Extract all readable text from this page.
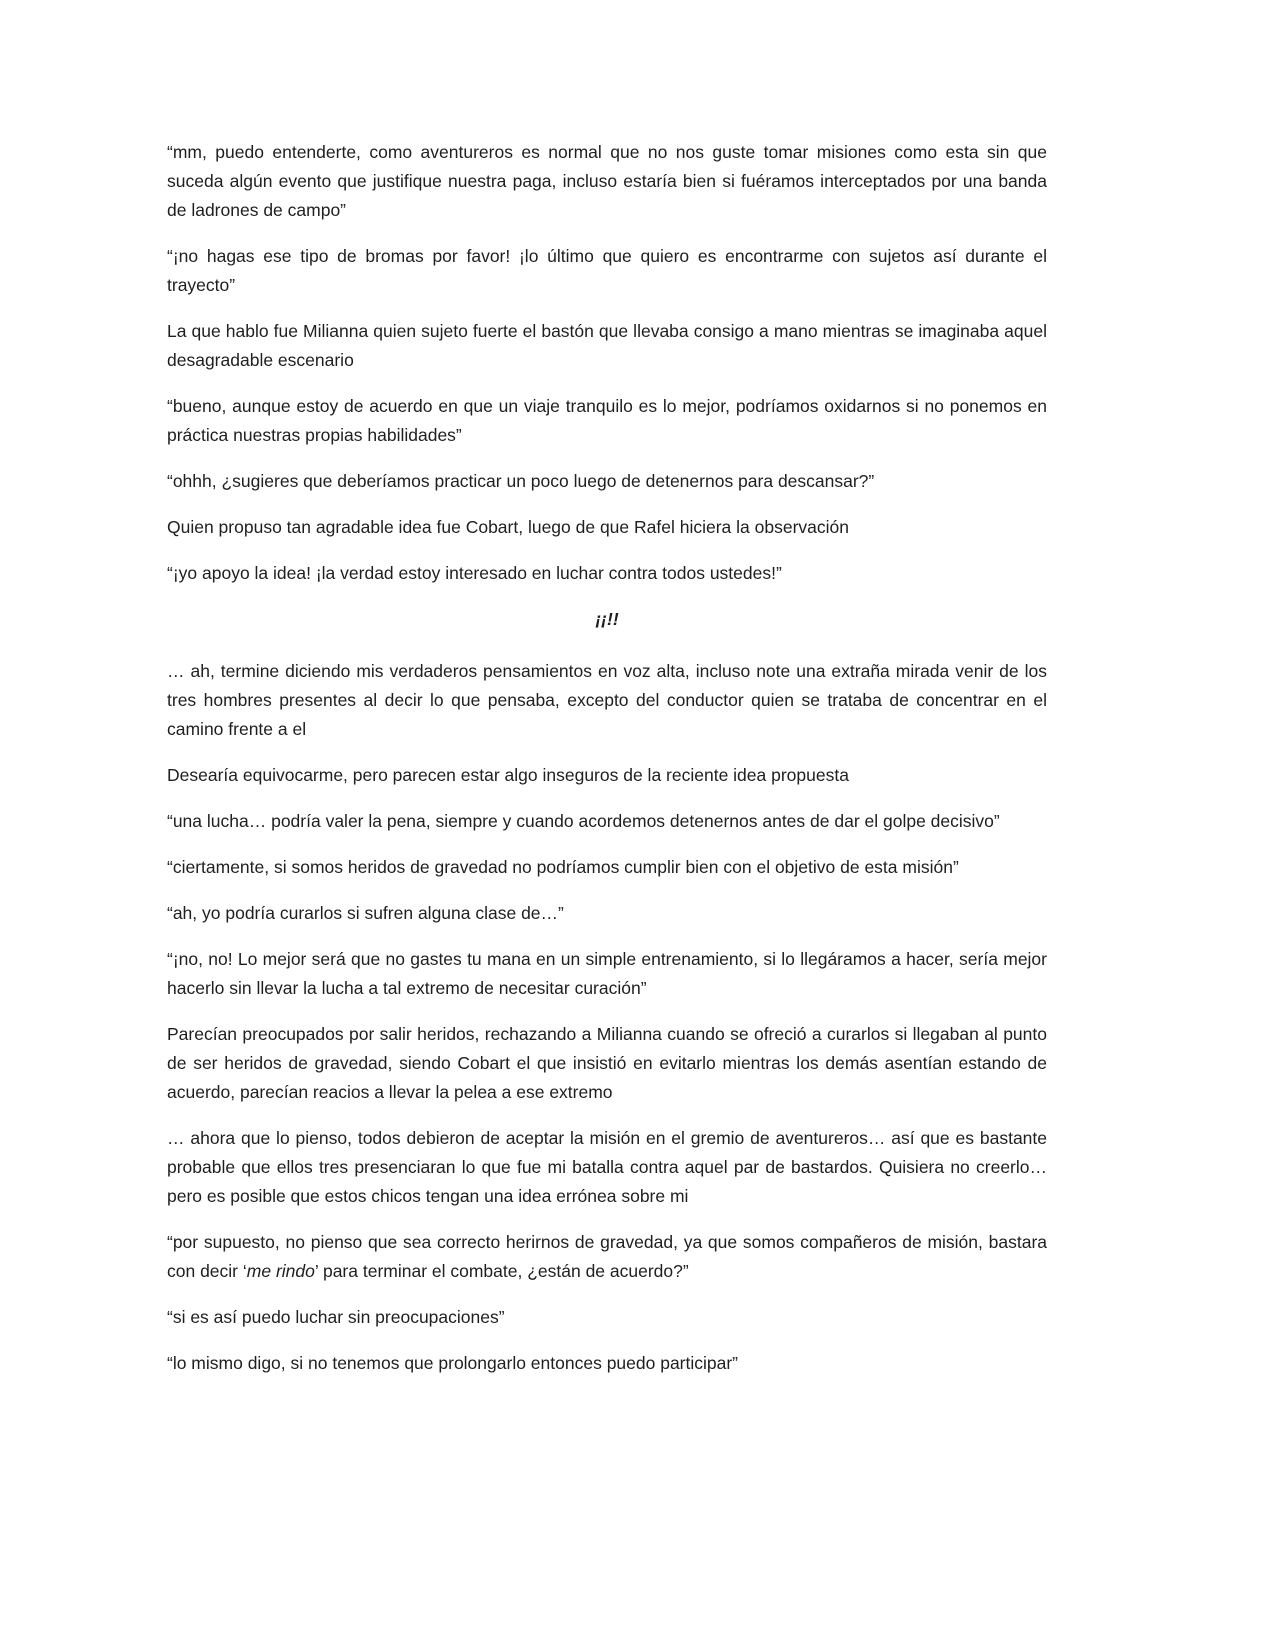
“mm, puedo entenderte, como aventureros es normal que no nos guste tomar misiones como esta sin que suceda algún evento que justifique nuestra paga, incluso estaría bien si fuéramos interceptados por una banda de ladrones de campo”

“¡no hagas ese tipo de bromas por favor! ¡lo último que quiero es encontrarme con sujetos así durante el trayecto”

La que hablo fue Milianna quien sujeto fuerte el bastón que llevaba consigo a mano mientras se imaginaba aquel desagradable escenario

“bueno, aunque estoy de acuerdo en que un viaje tranquilo es lo mejor, podríamos oxidarnos si no ponemos en práctica nuestras propias habilidades”

“ohhh, ¿sugieres que deberíamos practicar un poco luego de detenernos para descansar?”

Quien propuso tan agradable idea fue Cobart, luego de que Rafel hiciera la observación

“¡yo apoyo la idea! ¡la verdad estoy interesado en luchar contra todos ustedes!”

¡¡!!

… ah, termine diciendo mis verdaderos pensamientos en voz alta, incluso note una extraña mirada venir de los tres hombres presentes al decir lo que pensaba, excepto del conductor quien se trataba de concentrar en el camino frente a el

Desearía equivocarme, pero parecen estar algo inseguros de la reciente idea propuesta

“una lucha… podría valer la pena, siempre y cuando acordemos detenernos antes de dar el golpe decisivo”

“ciertamente, si somos heridos de gravedad no podríamos cumplir bien con el objetivo de esta misión”

“ah, yo podría curarlos si sufren alguna clase de…”

“¡no, no! Lo mejor será que no gastes tu mana en un simple entrenamiento, si lo llegáramos a hacer, sería mejor hacerlo sin llevar la lucha a tal extremo de necesitar curación”

Parecían preocupados por salir heridos, rechazando a Milianna cuando se ofreció a curarlos si llegaban al punto de ser heridos de gravedad, siendo Cobart el que insistió en evitarlo mientras los demás asentían estando de acuerdo, parecían reacios a llevar la pelea a ese extremo

… ahora que lo pienso, todos debieron de aceptar la misión en el gremio de aventureros… así que es bastante probable que ellos tres presenciaran lo que fue mi batalla contra aquel par de bastardos. Quisiera no creerlo… pero es posible que estos chicos tengan una idea errónea sobre mi

“por supuesto, no pienso que sea correcto herirnos de gravedad, ya que somos compañeros de misión, bastara con decir ‘me rindo’ para terminar el combate, ¿están de acuerdo?”

“si es así puedo luchar sin preocupaciones”

“lo mismo digo, si no tenemos que prolongarlo entonces puedo participar”
